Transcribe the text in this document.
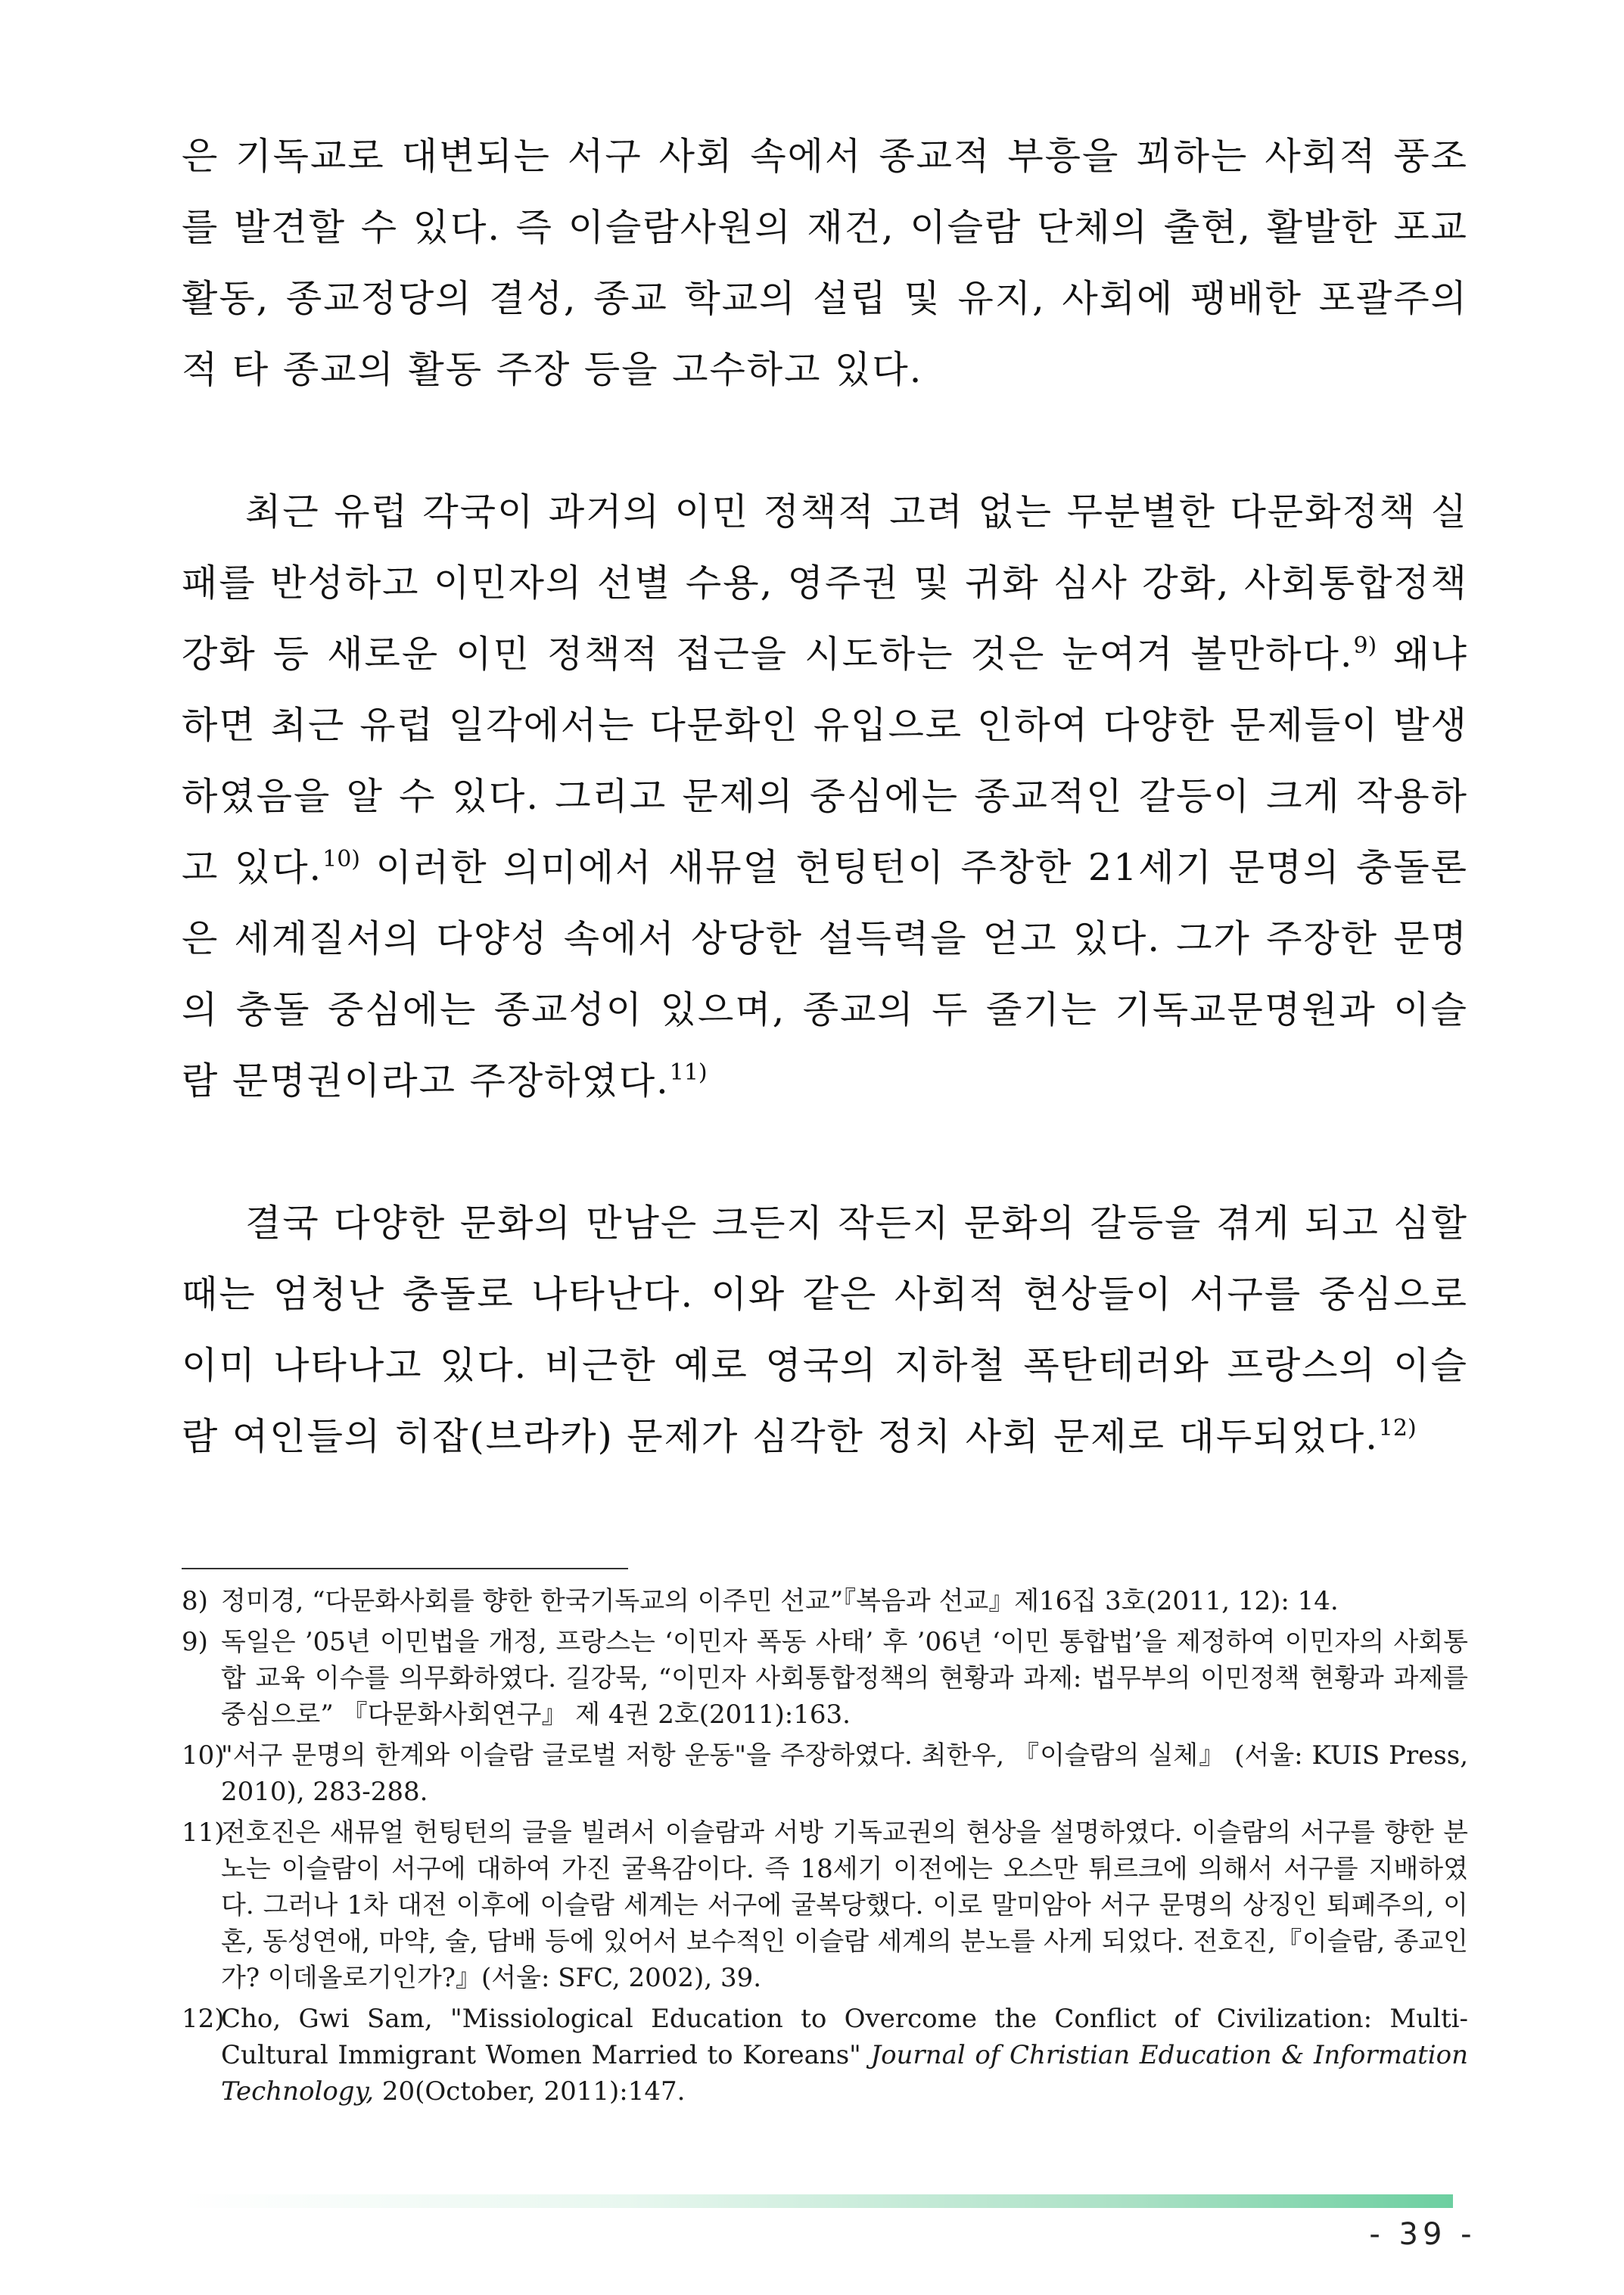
은 기독교로 대변되는 서구 사회 속에서 종교적 부흥을 꾀하는 사회적 풍조를 발견할 수 있다. 즉 이슬람사원의 재건, 이슬람 단체의 출현, 활발한 포교 활동, 종교정당의 결성, 종교 학교의 설립 및 유지, 사회에 팽배한 포괄주의적 타 종교의 활동 주장 등을 고수하고 있다.

최근 유럽 각국이 과거의 이민 정책적 고려 없는 무분별한 다문화정책 실패를 반성하고 이민자의 선별 수용, 영주권 및 귀화 심사 강화, 사회통합정책 강화 등 새로운 이민 정책적 접근을 시도하는 것은 눈여겨 볼만하다.$^{9)}$ 왜냐하면 최근 유럽 일각에서는 다문화인 유입으로 인하여 다양한 문제들이 발생하였음을 알 수 있다. 그리고 문제의 중심에는 종교적인 갈등이 크게 작용하고 있다.$^{10)}$ 이러한 의미에서 새뮤얼 헌팅턴이 주창한 21세기 문명의 충돌론은 세계질서의 다양성 속에서 상당한 설득력을 얻고 있다. 그가 주장한 문명의 충돌 중심에는 종교성이 있으며, 종교의 두 줄기는 기독교문명원과 이슬람 문명권이라고 주장하였다.$^{11)}$

결국 다양한 문화의 만남은 크든지 작든지 문화의 갈등을 겪게 되고 심할 때는 엄청난 충돌로 나타난다. 이와 같은 사회적 현상들이 서구를 중심으로 이미 나타나고 있다. 비근한 예로 영국의 지하철 폭탄테러와 프랑스의 이슬람 여인들의 히잡(브라카) 문제가 심각한 정치 사회 문제로 대두되었다.$^{12)}$

8) 정미경, “다문화사회를 향한 한국기독교의 이주민 선교”『복음과 선교』제16집 3호(2011, 12): 14.
9) 독일은 ’05년 이민법을 개정, 프랑스는 ‘이민자 폭동 사태’ 후 ’06년 ‘이민 통합법’을 제정하여 이민자의 사회통합 교육 이수를 의무화하였다. 길강묵, “이민자 사회통합정책의 현황과 과제: 법무부의 이민정책 현황과 과제를 중심으로” 『다문화사회연구』 제 4권 2호(2011):163.
10)
"서구 문명의 한계와 이슬람 글로벌 저항 운동"을 주장하였다. 최한우, 『이슬람의 실체』 (서울: KUIS Press, 2010), 283-288.
11)
전호진은 새뮤얼 헌팅턴의 글을 빌려서 이슬람과 서방 기독교권의 현상을 설명하였다. 이슬람의 서구를 향한 분노는 이슬람이 서구에 대하여 가진 굴욕감이다. 즉 18세기 이전에는 오스만 튀르크에 의해서 서구를 지배하였다. 그러나 1차 대전 이후에 이슬람 세계는 서구에 굴복당했다. 이로 말미암아 서구 문명의 상징인 퇴폐주의, 이혼, 동성연애, 마약, 술, 담배 등에 있어서 보수적인 이슬람 세계의 분노를 사게 되었다. 전호진,『이슬람, 종교인가? 이데올로기인가?』(서울: SFC, 2002), 39.
12)
Cho, Gwi Sam, "Missiological Education to Overcome the Conflict of Civilization: Multi-Cultural Immigrant Women Married to Koreans" Journal of Christian Education & Information Technology, 20(October, 2011):147.
- 39 -
